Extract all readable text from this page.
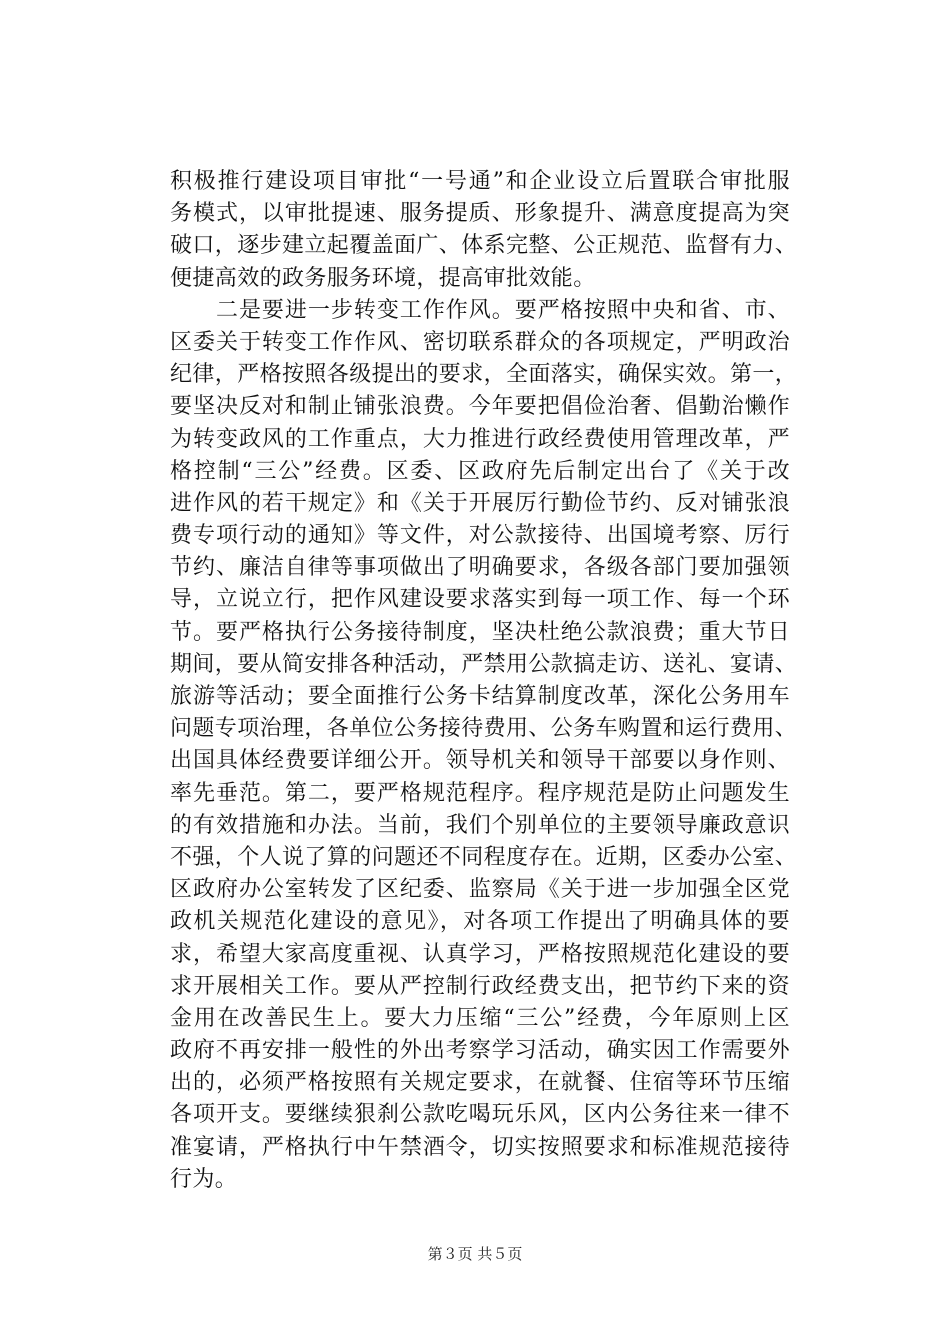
积极推行建设项目审批“一号通”和企业设立后置联合审批服
务模式，以审批提速、服务提质、形象提升、满意度提高为突
破口，逐步建立起覆盖面广、体系完整、公正规范、监督有力、
便捷高效的政务服务环境，提高审批效能。
　　二是要进一步转变工作作风。要严格按照中央和省、市、
区委关于转变工作作风、密切联系群众的各项规定，严明政治
纪律，严格按照各级提出的要求，全面落实，确保实效。第一，
要坚决反对和制止铺张浪费。今年要把倡俭治奢、倡勤治懒作
为转变政风的工作重点，大力推进行政经费使用管理改革，严
格控制“三公”经费。区委、区政府先后制定出台了《关于改
进作风的若干规定》和《关于开展厉行勤俭节约、反对铺张浪
费专项行动的通知》等文件，对公款接待、出国境考察、厉行
节约、廉洁自律等事项做出了明确要求，各级各部门要加强领
导，立说立行，把作风建设要求落实到每一项工作、每一个环
节。要严格执行公务接待制度，坚决杜绝公款浪费；重大节日
期间，要从简安排各种活动，严禁用公款搞走访、送礼、宴请、
旅游等活动；要全面推行公务卡结算制度改革，深化公务用车
问题专项治理，各单位公务接待费用、公务车购置和运行费用、
出国具体经费要详细公开。领导机关和领导干部要以身作则、
率先垂范。第二，要严格规范程序。程序规范是防止问题发生
的有效措施和办法。当前，我们个别单位的主要领导廉政意识
不强，个人说了算的问题还不同程度存在。近期，区委办公室、
区政府办公室转发了区纪委、监察局《关于进一步加强全区党
政机关规范化建设的意见》，对各项工作提出了明确具体的要
求，希望大家高度重视、认真学习，严格按照规范化建设的要
求开展相关工作。要从严控制行政经费支出，把节约下来的资
金用在改善民生上。要大力压缩“三公”经费，今年原则上区
政府不再安排一般性的外出考察学习活动，确实因工作需要外
出的，必须严格按照有关规定要求，在就餐、住宿等环节压缩
各项开支。要继续狠刹公款吃喝玩乐风，区内公务往来一律不
准宴请，严格执行中午禁酒令，切实按照要求和标准规范接待
行为。
第３页 共５页
